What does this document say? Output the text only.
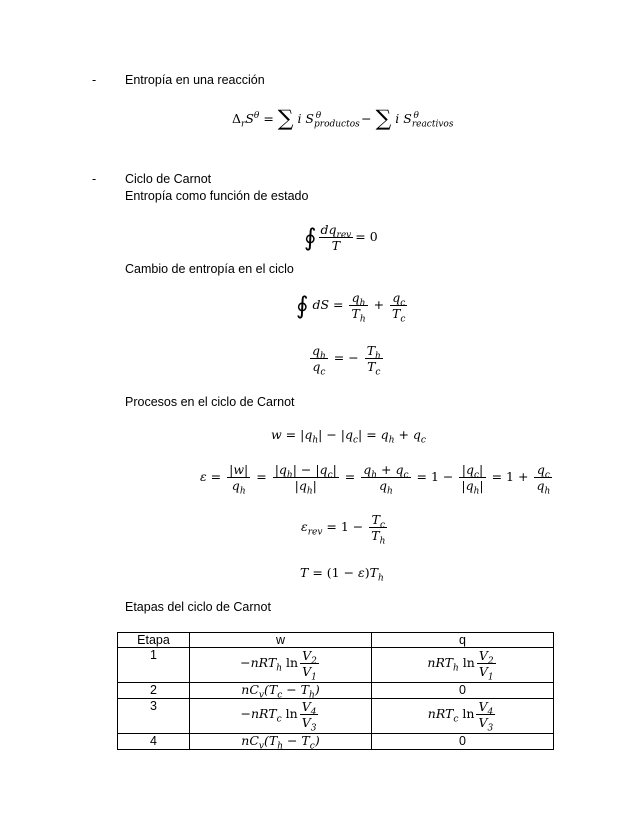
- Entropía en una reacción
$\Delta_rS^\theta$ = ∑ i $S_{productos}^\theta$	− ∑ i $S_{reactivos}^\theta$
- Ciclo de Carnot
Entropía como función de estado
∮ $\frac{dq_{rev}}{T} = 0$
Cambio de entropía en el ciclo
∮ dS = $\frac{q_h}{T_h} + \frac{q_c}{T_c}$
$\frac{q_h}{q_c}$ = − $\frac{T_h}{T_c}$
Procesos en el ciclo de Carnot
$w = |q_h| - |q_c| = q_h + q_c$
$\varepsilon = \frac{|w|}{q_h} = \frac{|q_h| - |q_c|}{|q_h|} = \frac{q_h + q_c}{q_h} = 1 - \frac{|q_c|}{|q_h|} = 1 + \frac{q_c}{q_h}$
$\varepsilon_{rev} = 1 - \frac{T_c}{T_h}$
$T = (1 - \varepsilon)T_h$
Etapas del ciclo de Carnot
Etapa	w	q
1	−nRT$_h$ $\ln \frac{V_2}{V_1}$	nRT$_h$ $\ln \frac{V_2}{V_1}$

2	$nC_v(T_c - T_h)$	0
3	−nRT$_c$ $\ln \frac{V_4}{V_3}$	nRT$_c$ $\ln \frac{V_4}{V_3}$

4	$nC_v(T_h - T_c)$	0
